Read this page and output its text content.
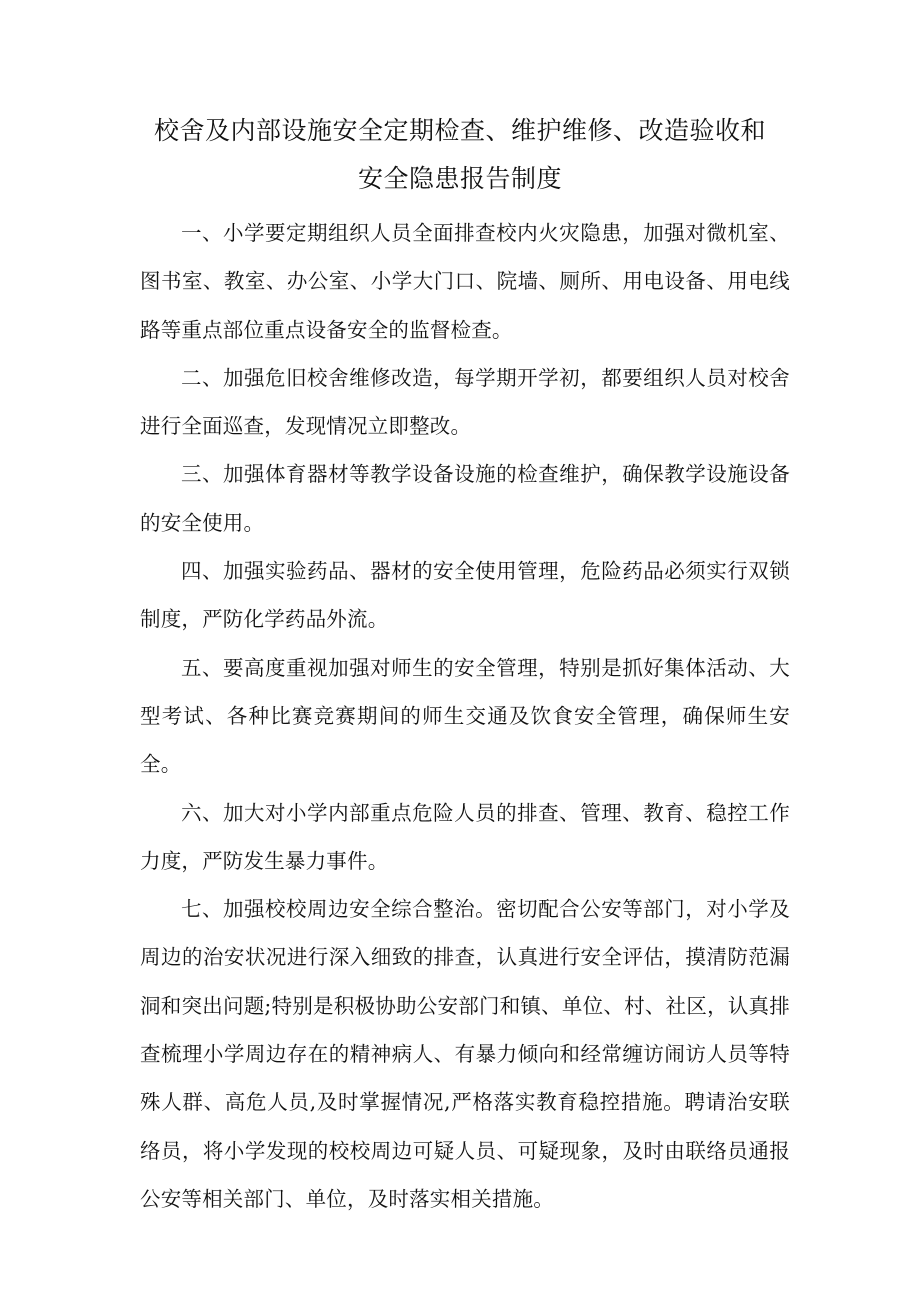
校舍及内部设施安全定期检查、维护维修、改造验收和
安全隐患报告制度

一、小学要定期组织人员全面排查校内火灾隐患，加强对微机室、图书室、教室、办公室、小学大门口、院墙、厕所、用电设备、用电线路等重点部位重点设备安全的监督检查。

二、加强危旧校舍维修改造，每学期开学初，都要组织人员对校舍进行全面巡查，发现情况立即整改。

三、加强体育器材等教学设备设施的检查维护，确保教学设施设备的安全使用。

四、加强实验药品、器材的安全使用管理，危险药品必须实行双锁制度，严防化学药品外流。

五、要高度重视加强对师生的安全管理，特别是抓好集体活动、大型考试、各种比赛竞赛期间的师生交通及饮食安全管理，确保师生安全。

六、加大对小学内部重点危险人员的排查、管理、教育、稳控工作力度，严防发生暴力事件。

七、加强校校周边安全综合整治。密切配合公安等部门，对小学及周边的治安状况进行深入细致的排查，认真进行安全评估，摸清防范漏洞和突出问题;特别是积极协助公安部门和镇、单位、村、社区，认真排查梳理小学周边存在的精神病人、有暴力倾向和经常缠访闹访人员等特殊人群、高危人员,及时掌握情况,严格落实教育稳控措施。聘请治安联络员，将小学发现的校校周边可疑人员、可疑现象，及时由联络员通报公安等相关部门、单位，及时落实相关措施。
